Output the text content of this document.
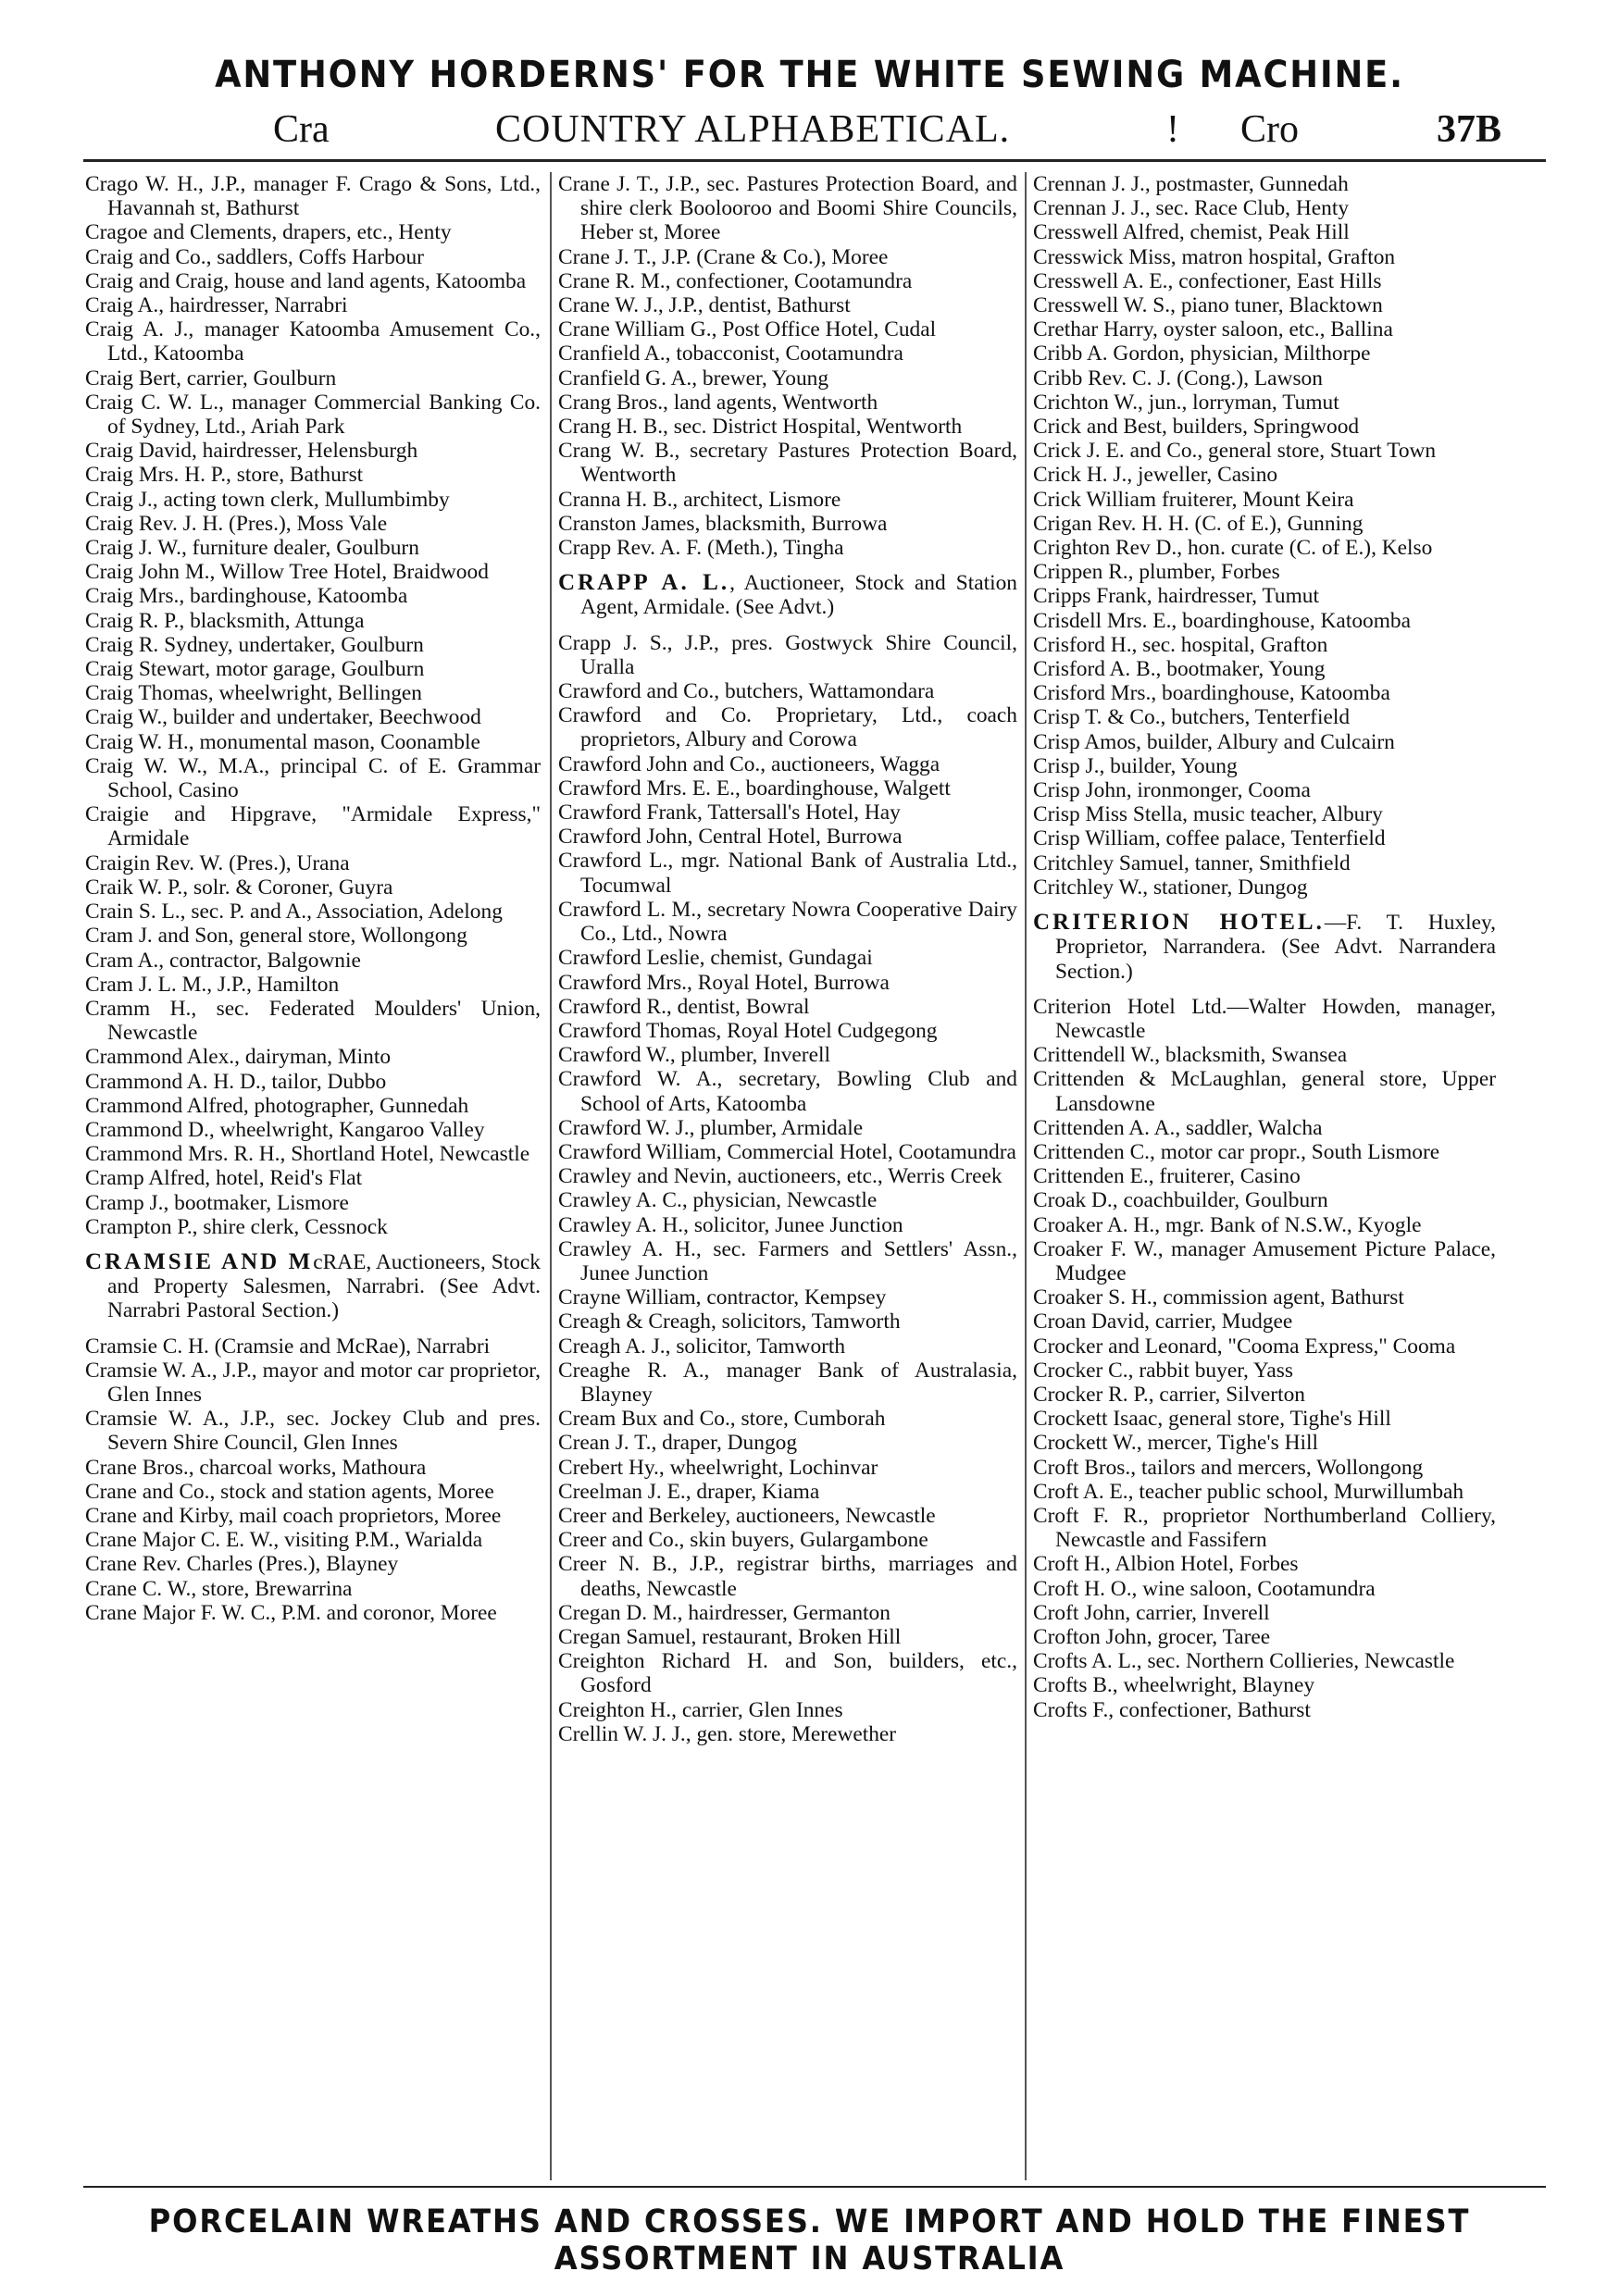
ANTHONY HORDERNS' FOR THE WHITE SEWING MACHINE.
Cra	COUNTRY ALPHABETICAL.	! Cro	37B
Crago W. H., J.P., manager F. Crago & Sons, Ltd., Havannah st, Bathurst
Cragoe and Clements, drapers, etc., Henty
Craig and Co., saddlers, Coffs Harbour
Craig and Craig, house and land agents, Katoomba
Craig A., hairdresser, Narrabri
Craig A. J., manager Katoomba Amusement Co., Ltd., Katoomba
Craig Bert, carrier, Goulburn
Craig C. W. L., manager Commercial Banking Co. of Sydney, Ltd., Ariah Park
Craig David, hairdresser, Helensburgh
Craig Mrs. H. P., store, Bathurst
Craig J., acting town clerk, Mullumbimby
Craig Rev. J. H. (Pres.), Moss Vale
Craig J. W., furniture dealer, Goulburn
Craig John M., Willow Tree Hotel, Braidwood
Craig Mrs., bardinghouse, Katoomba
Craig R. P., blacksmith, Attunga
Craig R. Sydney, undertaker, Goulburn
Craig Stewart, motor garage, Goulburn
Craig Thomas, wheelwright, Bellingen
Craig W., builder and undertaker, Beechwood
Craig W. H., monumental mason, Coonamble
Craig W. W., M.A., principal C. of E. Grammar School, Casino
Craigie and Hipgrave, "Armidale Express," Armidale
Craigin Rev. W. (Pres.), Urana
Craik W. P., solr. & Coroner, Guyra
Crain S. L., sec. P. and A., Association, Adelong
Cram J. and Son, general store, Wollongong
Cram A., contractor, Balgownie
Cram J. L. M., J.P., Hamilton
Cramm H., sec. Federated Moulders' Union, Newcastle
Crammond Alex., dairyman, Minto
Crammond A. H. D., tailor, Dubbo
Crammond Alfred, photographer, Gunnedah
Crammond D., wheelwright, Kangaroo Valley
Crammond Mrs. R. H., Shortland Hotel, Newcastle
Cramp Alfred, hotel, Reid's Flat
Cramp J., bootmaker, Lismore
Crampton P., shire clerk, Cessnock
CRAMSIE AND McRAE, Auctioneers, Stock and Property Salesmen, Narrabri. (See Advt. Narrabri Pastoral Section.)
Cramsie C. H. (Cramsie and McRae), Narrabri
Cramsie W. A., J.P., mayor and motor car proprietor, Glen Innes
Cramsie W. A., J.P., sec. Jockey Club and pres. Severn Shire Council, Glen Innes
Crane Bros., charcoal works, Mathoura
Crane and Co., stock and station agents, Moree
Crane and Kirby, mail coach proprietors, Moree
Crane Major C. E. W., visiting P.M., Warialda
Crane Rev. Charles (Pres.), Blayney
Crane C. W., store, Brewarrina
Crane Major F. W. C., P.M. and coronor, Moree
Crane J. T., J.P., sec. Pastures Protection Board, and shire clerk Boolooroo and Boomi Shire Councils, Heber st, Moree
Crane J. T., J.P. (Crane & Co.), Moree
Crane R. M., confectioner, Cootamundra
Crane W. J., J.P., dentist, Bathurst
Crane William G., Post Office Hotel, Cudal
Cranfield A., tobacconist, Cootamundra
Cranfield G. A., brewer, Young
Crang Bros., land agents, Wentworth
Crang H. B., sec. District Hospital, Wentworth
Crang W. B., secretary Pastures Protection Board, Wentworth
Cranna H. B., architect, Lismore
Cranston James, blacksmith, Burrowa
Crapp Rev. A. F. (Meth.), Tingha
CRAPP A. L., Auctioneer, Stock and Station Agent, Armidale. (See Advt.)
Crapp J. S., J.P., pres. Gostwyck Shire Council, Uralla
Crawford and Co., butchers, Wattamondara
Crawford and Co. Proprietary, Ltd., coach proprietors, Albury and Corowa
Crawford John and Co., auctioneers, Wagga
Crawford Mrs. E. E., boardinghouse, Walgett
Crawford Frank, Tattersall's Hotel, Hay
Crawford John, Central Hotel, Burrowa
Crawford L., mgr. National Bank of Australia Ltd., Tocumwal
Crawford L. M., secretary Nowra Cooperative Dairy Co., Ltd., Nowra
Crawford Leslie, chemist, Gundagai
Crawford Mrs., Royal Hotel, Burrowa
Crawford R., dentist, Bowral
Crawford Thomas, Royal Hotel Cudgegong
Crawford W., plumber, Inverell
Crawford W. A., secretary, Bowling Club and School of Arts, Katoomba
Crawford W. J., plumber, Armidale
Crawford William, Commercial Hotel, Cootamundra
Crawley and Nevin, auctioneers, etc., Werris Creek
Crawley A. C., physician, Newcastle
Crawley A. H., solicitor, Junee Junction
Crawley A. H., sec. Farmers and Settlers' Assn., Junee Junction
Crayne William, contractor, Kempsey
Creagh & Creagh, solicitors, Tamworth
Creagh A. J., solicitor, Tamworth
Creaghe R. A., manager Bank of Australasia, Blayney
Cream Bux and Co., store, Cumborah
Crean J. T., draper, Dungog
Crebert Hy., wheelwright, Lochinvar
Creelman J. E., draper, Kiama
Creer and Berkeley, auctioneers, Newcastle
Creer and Co., skin buyers, Gulargambone
Creer N. B., J.P., registrar births, marriages and deaths, Newcastle
Cregan D. M., hairdresser, Germanton
Cregan Samuel, restaurant, Broken Hill
Creighton Richard H. and Son, builders, etc., Gosford
Creighton H., carrier, Glen Innes
Crellin W. J. J., gen. store, Merewether
Crennan J. J., postmaster, Gunnedah
Crennan J. J., sec. Race Club, Henty
Cresswell Alfred, chemist, Peak Hill
Cresswick Miss, matron hospital, Grafton
Cresswell A. E., confectioner, East Hills
Cresswell W. S., piano tuner, Blacktown
Crethar Harry, oyster saloon, etc., Ballina
Cribb A. Gordon, physician, Milthorpe
Cribb Rev. C. J. (Cong.), Lawson
Crichton W., jun., lorryman, Tumut
Crick and Best, builders, Springwood
Crick J. E. and Co., general store, Stuart Town
Crick H. J., jeweller, Casino
Crick William fruiterer, Mount Keira
Crigan Rev. H. H. (C. of E.), Gunning
Crighton Rev D., hon. curate (C. of E.), Kelso
Crippen R., plumber, Forbes
Cripps Frank, hairdresser, Tumut
Crisdell Mrs. E., boardinghouse, Katoomba
Crisford H., sec. hospital, Grafton
Crisford A. B., bootmaker, Young
Crisford Mrs., boardinghouse, Katoomba
Crisp T. & Co., butchers, Tenterfield
Crisp Amos, builder, Albury and Culcairn
Crisp J., builder, Young
Crisp John, ironmonger, Cooma
Crisp Miss Stella, music teacher, Albury
Crisp William, coffee palace, Tenterfield
Critchley Samuel, tanner, Smithfield
Critchley W., stationer, Dungog
CRITERION HOTEL.—F. T. Huxley, Proprietor, Narrandera. (See Advt. Narrandera Section.)
Criterion Hotel Ltd.—Walter Howden, manager, Newcastle
Crittendell W., blacksmith, Swansea
Crittenden & McLaughlan, general store, Upper Lansdowne
Crittenden A. A., saddler, Walcha
Crittenden C., motor car propr., South Lismore
Crittenden E., fruiterer, Casino
Croak D., coachbuilder, Goulburn
Croaker A. H., mgr. Bank of N.S.W., Kyogle
Croaker F. W., manager Amusement Picture Palace, Mudgee
Croaker S. H., commission agent, Bathurst
Croan David, carrier, Mudgee
Crocker and Leonard, "Cooma Express," Cooma
Crocker C., rabbit buyer, Yass
Crocker R. P., carrier, Silverton
Crockett Isaac, general store, Tighe's Hill
Crockett W., mercer, Tighe's Hill
Croft Bros., tailors and mercers, Wollongong
Croft A. E., teacher public school, Murwillumbah
Croft F. R., proprietor Northumberland Colliery, Newcastle and Fassifern
Croft H., Albion Hotel, Forbes
Croft H. O., wine saloon, Cootamundra
Croft John, carrier, Inverell
Crofton John, grocer, Taree
Crofts A. L., sec. Northern Collieries, Newcastle
Crofts B., wheelwright, Blayney
Crofts F., confectioner, Bathurst
PORCELAIN WREATHS AND CROSSES. WE IMPORT AND HOLD THE FINEST ASSORTMENT IN AUSTRALIA
